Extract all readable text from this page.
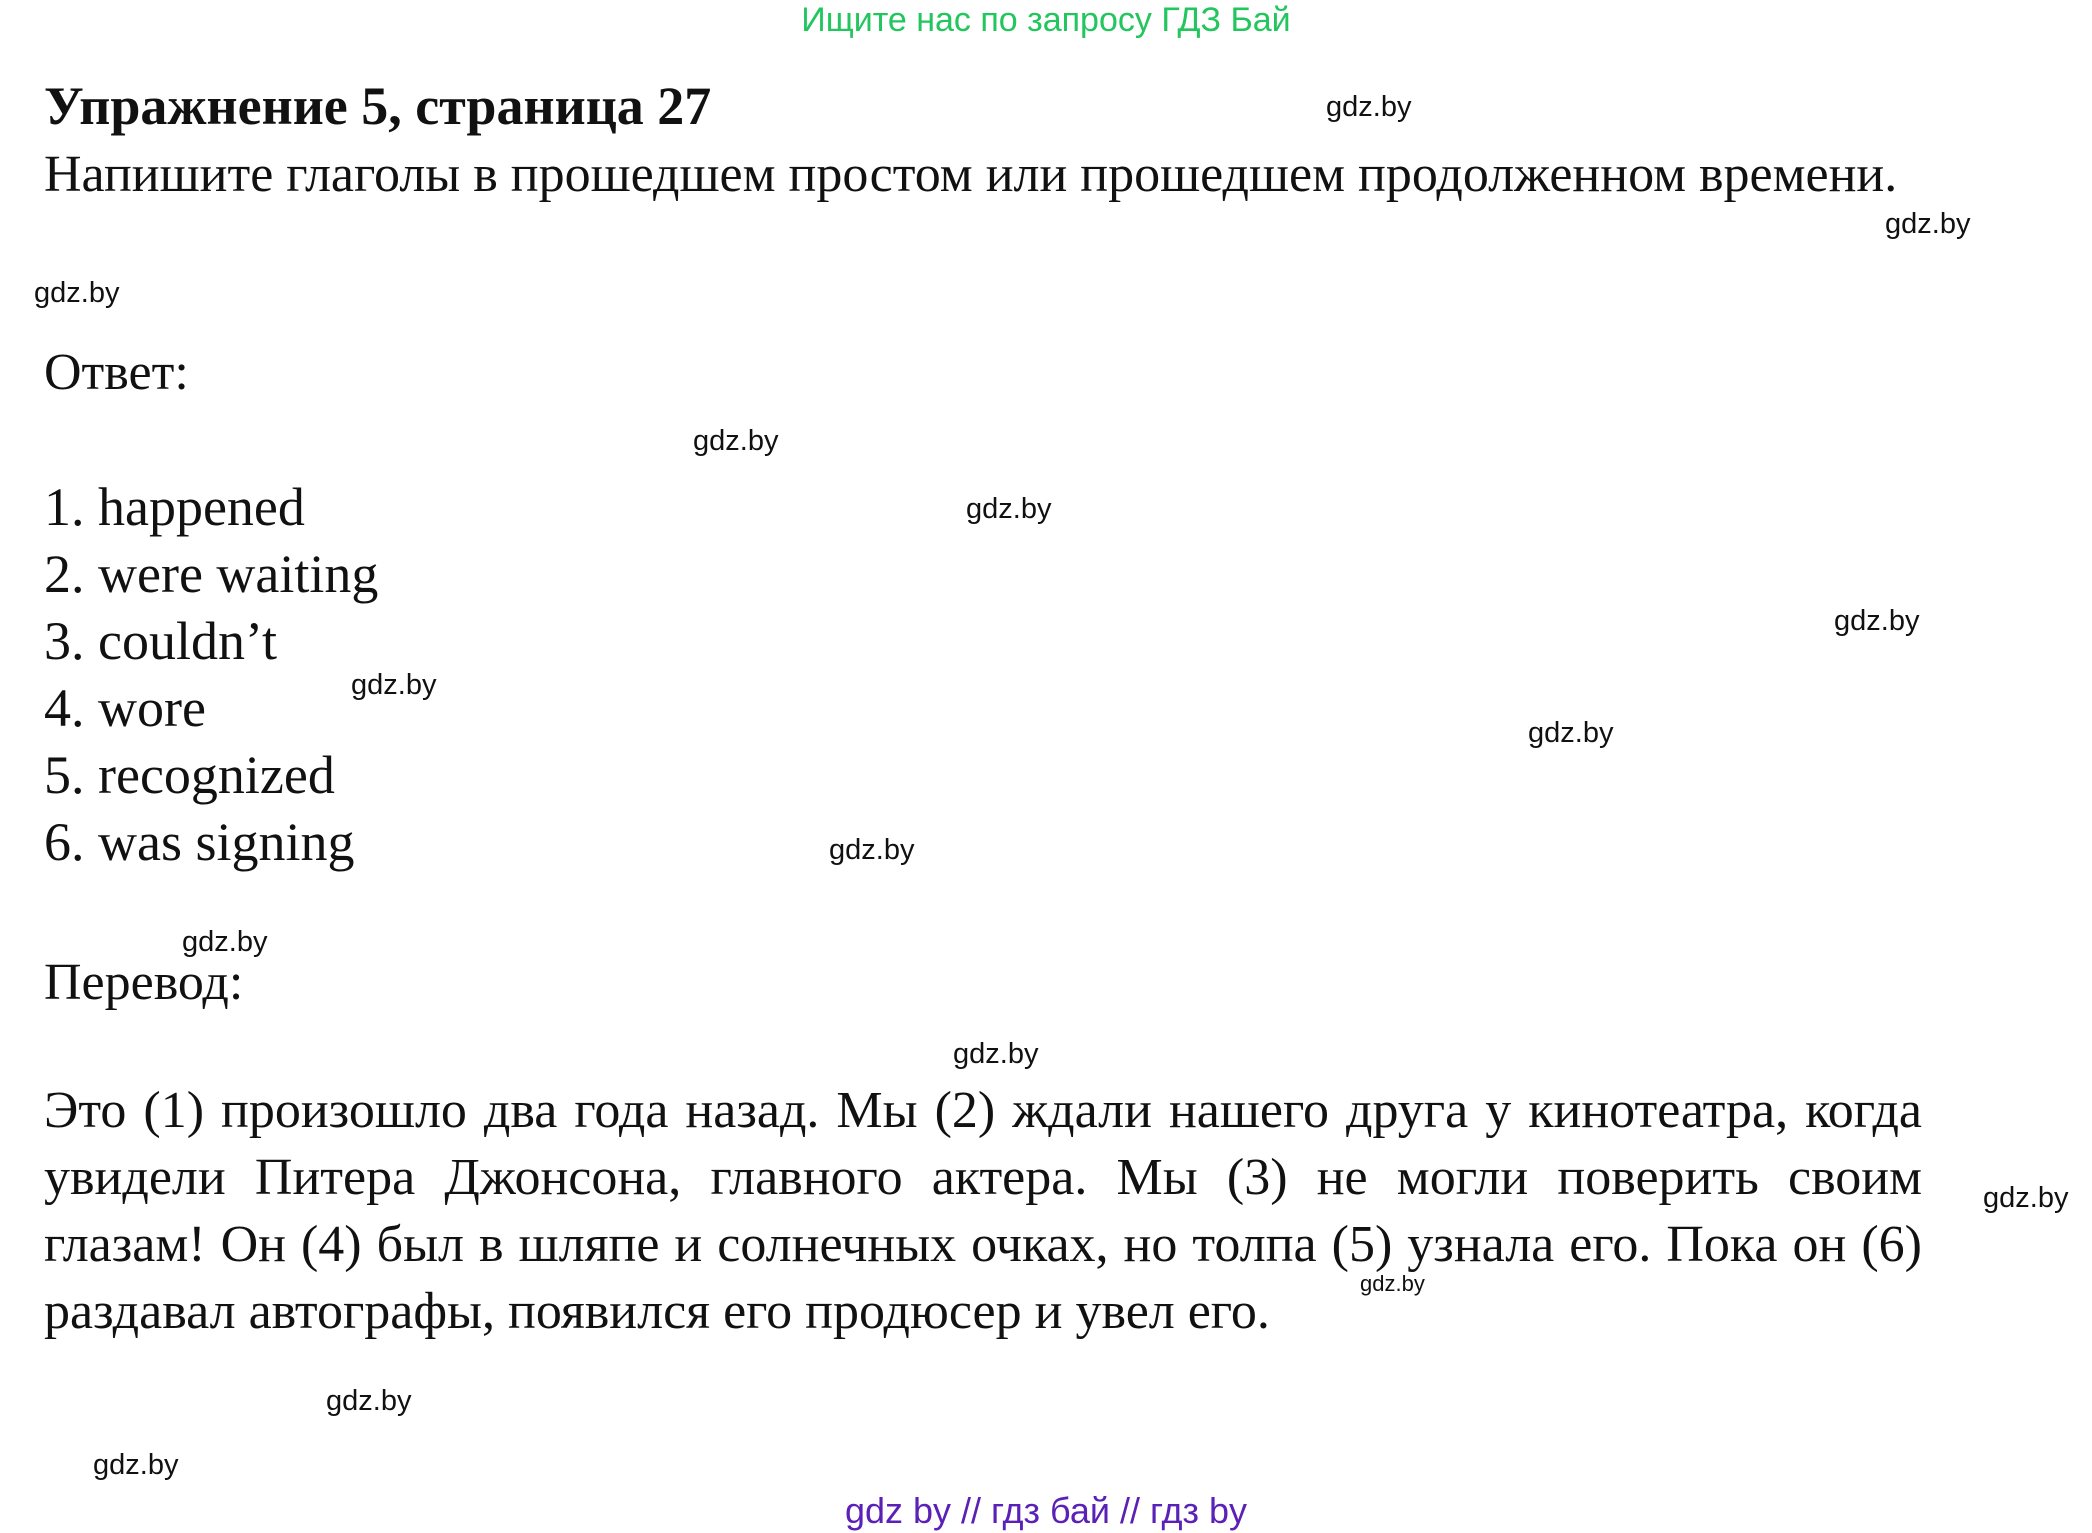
Ищите нас по запросу ГДЗ Бай
Упражнение 5, страница 27

Напишите глаголы в прошедшем простом или прошедшем продолженном времени.

Ответ:

1. happened
2. were waiting
3. couldn’t
4. wore
5. recognized
6. was signing

Перевод:

Это (1) произошло два года назад. Мы (2) ждали нашего друга у кинотеатра, когда увидели Питера Джонсона, главного актера. Мы (3) не могли поверить своим глазам! Он (4) был в шляпе и солнечных очках, но толпа (5) узнала его. Пока он (6) раздавал автографы, появился его продюсер и увел его.

gdz.by
gdz.by
gdz.by
gdz.by
gdz.by
gdz.by
gdz.by
gdz.by
gdz.by
gdz.by
gdz.by
gdz.by
gdz.by
gdz.by
gdz.by
gdz by // гдз бай // гдз by
